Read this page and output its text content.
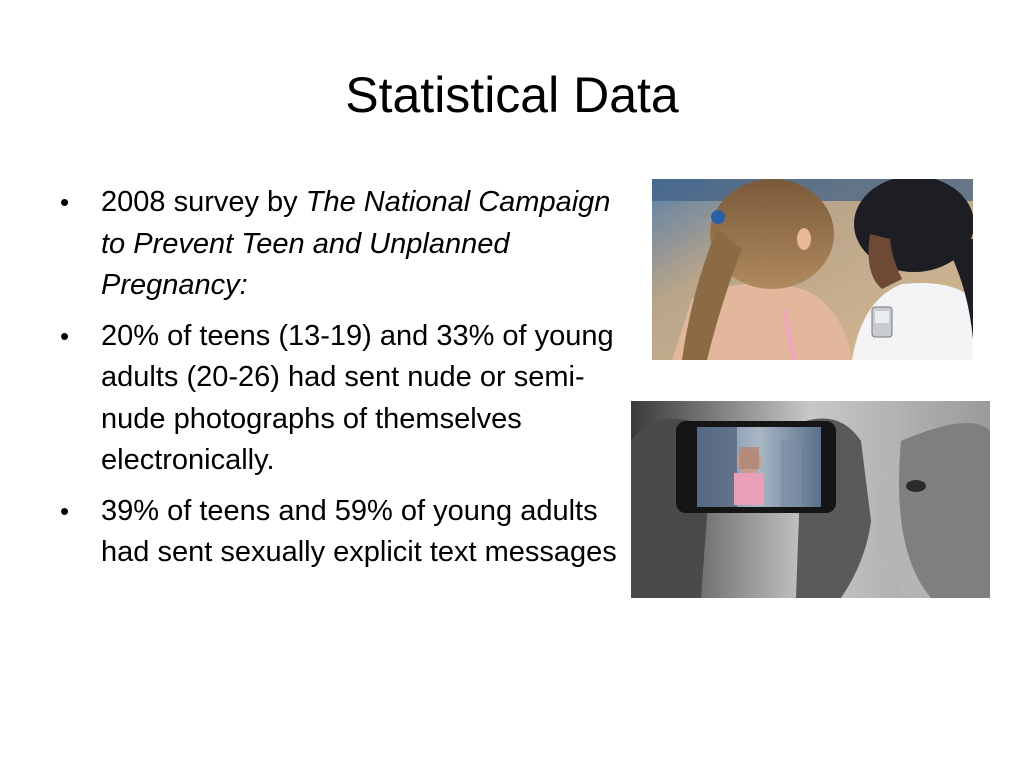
Statistical Data
• 2008 survey by The National Campaign to Prevent Teen and Unplanned Pregnancy:
• 20% of teens (13-19) and 33% of young adults (20-26) had sent nude or semi-nude photographs of themselves electronically.
• 39% of teens and 59% of young adults had sent sexually explicit text messages
